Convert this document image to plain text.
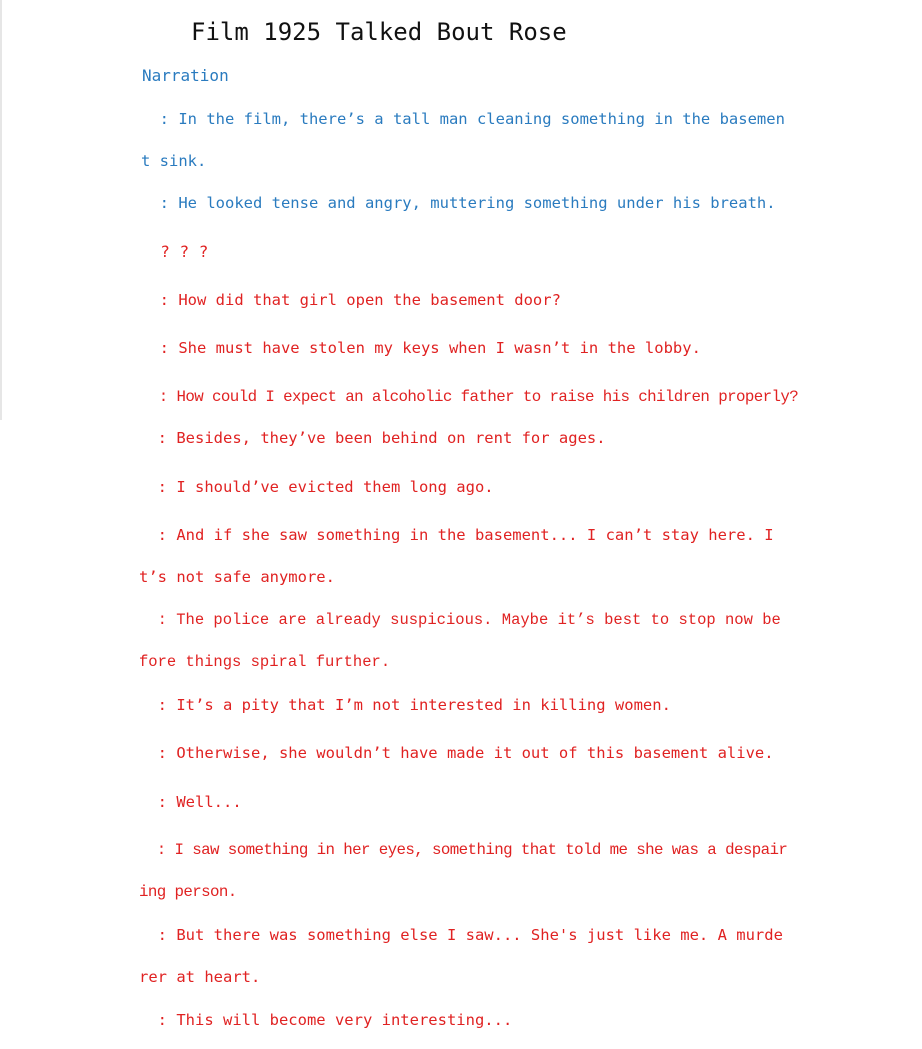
Film 1925 Talked Bout Rose
Narration

: In the film, there’s a tall man cleaning something in the basement sink.

: He looked tense and angry, muttering something under his breath.

? ? ?

: How did that girl open the basement door?

: She must have stolen my keys when I wasn’t in the lobby.

: How could I expect an alcoholic father to raise his children properly?

: Besides, they’ve been behind on rent for ages.

: I should’ve evicted them long ago.

: And if she saw something in the basement... I can’t stay here. It’s not safe anymore.

: The police are already suspicious. Maybe it’s best to stop now before things spiral further.

: It’s a pity that I’m not interested in killing women.

: Otherwise, she wouldn’t have made it out of this basement alive.

: Well...

: I saw something in her eyes, something that told me she was a despairing person.

: But there was something else I saw... She's just like me. A murderer at heart.

: This will become very interesting...
